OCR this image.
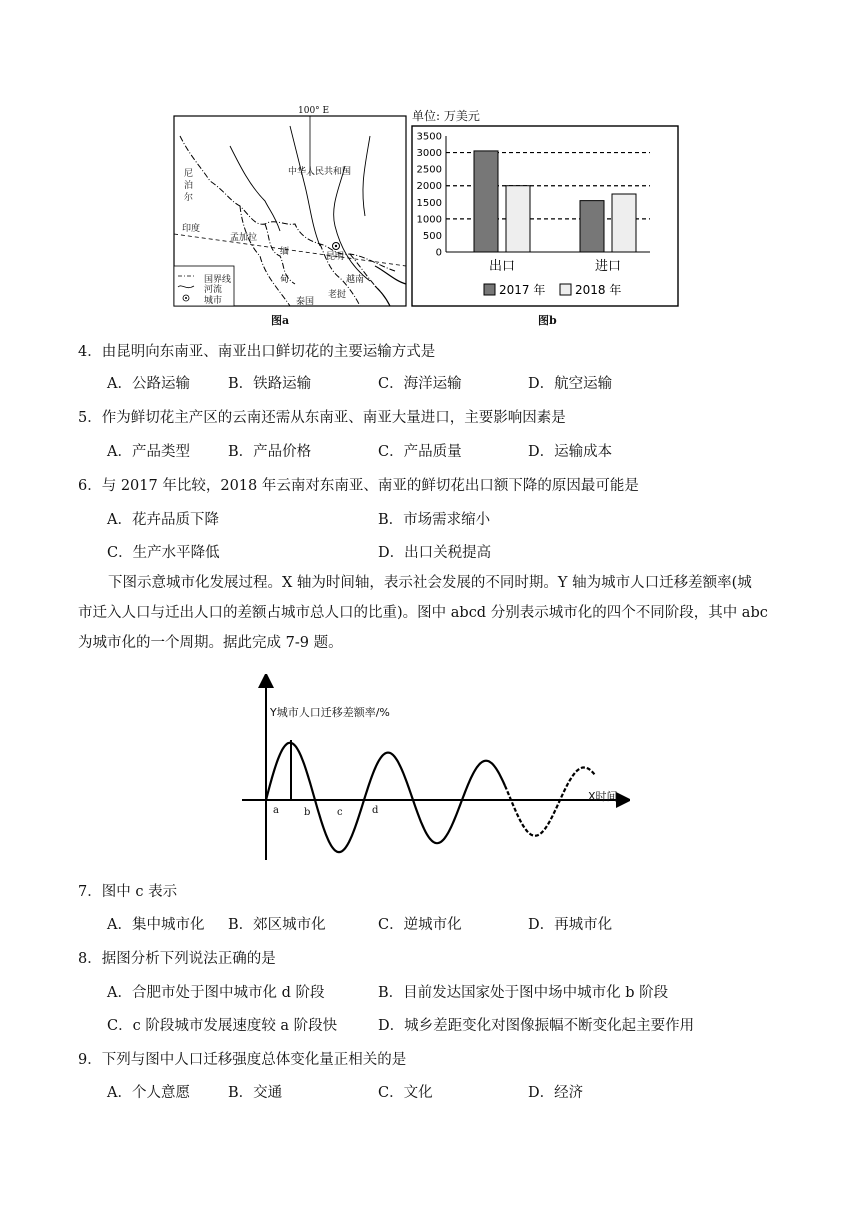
100° E
中华人民共和国
尼泊尔
印度
孟加拉
缅甸
昆明
越南
老挝
泰国
国界线
河流
城市
图a
单位: 万美元
3500
3000
2500
2000
1500
1000
500
0
出口	进口
2017 年 2018 年
图b
4．由昆明向东南亚、南亚出口鲜切花的主要运输方式是
A．公路运输	B．铁路运输	C．海洋运输	D．航空运输
5．作为鲜切花主产区的云南还需从东南亚、南亚大量进口，主要影响因素是
A．产品类型	B．产品价格	C．产品质量	D．运输成本
6．与 2017 年比较，2018 年云南对东南亚、南亚的鲜切花出口额下降的原因最可能是
A．花卉品质下降	B．市场需求缩小
C．生产水平降低	D．出口关税提高
下图示意城市化发展过程。X 轴为时间轴，表示社会发展的不同时期。Y 轴为城市人口迁移差额率(城
市迁入人口与迁出人口的差额占城市总人口的比重)。图中 abcd 分别表示城市化的四个不同阶段，其中 abc
为城市化的一个周期。据此完成 7-9 题。
Y城市人口迁移差额率/%
X时间
a	b	c	d
7．图中 c 表示
A．集中城市化 B．郊区城市化	C．逆城市化	D．再城市化
8．据图分析下列说法正确的是
A．合肥市处于图中城市化 d 阶段	B．目前发达国家处于图中场中城市化 b 阶段
C．c 阶段城市发展速度较 a 阶段快	D．城乡差距变化对图像振幅不断变化起主要作用
9．下列与图中人口迁移强度总体变化量正相关的是
A．个人意愿	B．交通	C．文化	D．经济
